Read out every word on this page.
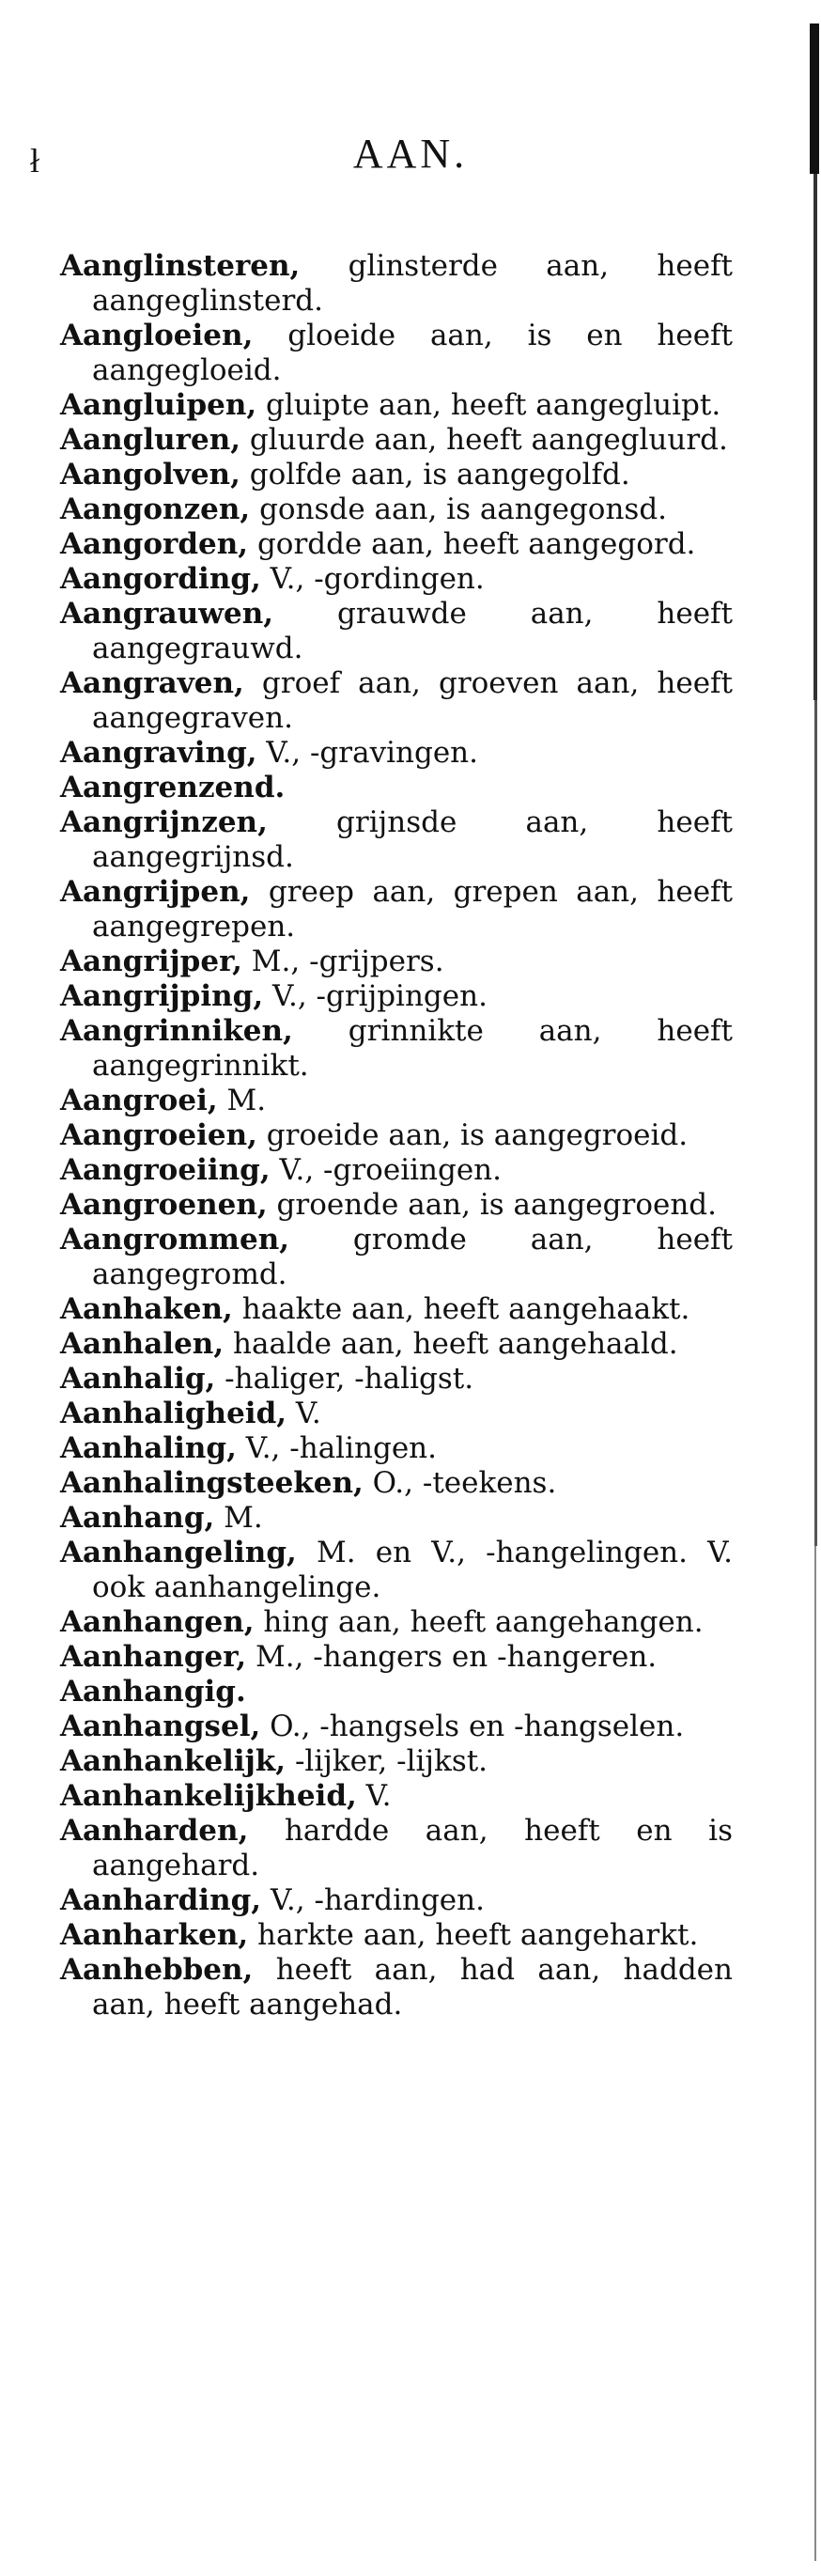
ł	AAN.

Aanglinsteren, glinsterde aan, heeft aangeglinsterd.

Aangloeien, gloeide aan, is en heeft aangegloeid.

Aangluipen, gluipte aan, heeft aangegluipt.

Aangluren, gluurde aan, heeft aangegluurd.

Aangolven, golfde aan, is aangegolfd.

Aangonzen, gonsde aan, is aangegonsd.

Aangorden, gordde aan, heeft aangegord.

Aangording, V., -gordingen.

Aangrauwen, grauwde aan, heeft aangegrauwd.

Aangraven, groef aan, groeven aan, heeft aangegraven.

Aangraving, V., -gravingen.

Aangrenzend.

Aangrijnzen, grijnsde aan, heeft aangegrijnsd.

Aangrijpen, greep aan, grepen aan, heeft aangegrepen.

Aangrijper, M., -grijpers.

Aangrijping, V., -grijpingen.

Aangrinniken, grinnikte aan, heeft aangegrinnikt.

Aangroei, M.

Aangroeien, groeide aan, is aangegroeid.

Aangroeiing, V., -groeiingen.

Aangroenen, groende aan, is aangegroend.

Aangrommen, gromde aan, heeft aangegromd.

Aanhaken, haakte aan, heeft aangehaakt.

Aanhalen, haalde aan, heeft aangehaald.

Aanhalig, -haliger, -haligst.

Aanhaligheid, V.

Aanhaling, V., -halingen.

Aanhalingsteeken, O., -teekens.

Aanhang, M.

Aanhangeling, M. en V., -hangelingen. V. ook aanhangelinge.

Aanhangen, hing aan, heeft aangehangen.

Aanhanger, M., -hangers en -hangeren.

Aanhangig.

Aanhangsel, O., -hangsels en -hangselen.

Aanhankelijk, -lijker, -lijkst.

Aanhankelijkheid, V.

Aanharden, hardde aan, heeft en is aangehard.

Aanharding, V., -hardingen.

Aanharken, harkte aan, heeft aangeharkt.

Aanhebben, heeft aan, had aan, hadden aan, heeft aangehad.
